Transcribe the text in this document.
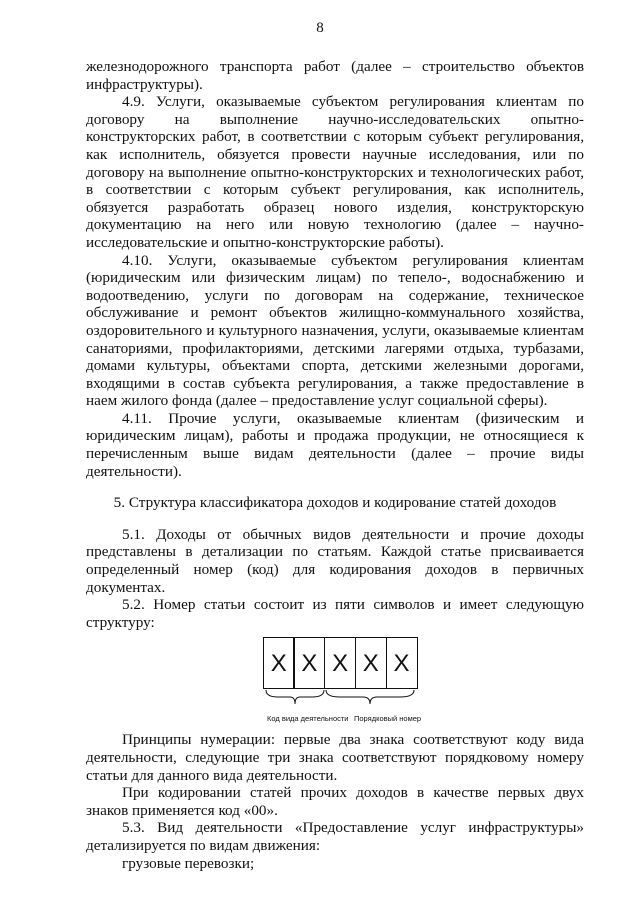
8

железнодорожного транспорта работ (далее – строительство объектов инфраструктуры).

4.9. Услуги, оказываемые субъектом регулирования клиентам по договору на выполнение научно-исследовательских опытно-конструкторских работ, в соответствии с которым субъект регулирования, как исполнитель, обязуется провести научные исследования, или по договору на выполнение опытно-конструкторских и технологических работ, в соответствии с которым субъект регулирования, как исполнитель, обязуется разработать образец нового изделия, конструкторскую документацию на него или новую технологию (далее – научно-исследовательские и опытно-конструкторские работы).

4.10. Услуги, оказываемые субъектом регулирования клиентам (юридическим или физическим лицам) по тепело-, водоснабжению и водоотведению, услуги по договорам на содержание, техническое обслуживание и ремонт объектов жилищно-коммунального хозяйства, оздоровительного и культурного назначения, услуги, оказываемые клиентам санаториями, профилакториями, детскими лагерями отдыха, турбазами, домами культуры, объектами спорта, детскими железными дорогами, входящими в состав субъекта регулирования, а также предоставление в наем жилого фонда (далее – предоставление услуг социальной сферы).

4.11. Прочие услуги, оказываемые клиентам (физическим и юридическим лицам), работы и продажа продукции, не относящиеся к перечисленным выше видам деятельности (далее – прочие виды деятельности).

5. Структура классификатора доходов и кодирование статей доходов

5.1. Доходы от обычных видов деятельности и прочие доходы представлены в детализации по статьям. Каждой статье присваивается определенный номер (код) для кодирования доходов в первичных документах.

5.2. Номер статьи состоит из пяти символов и имеет следующую структуру:

X X X X X
Код вида деятельности Порядковый номер

Принципы нумерации: первые два знака соответствуют коду вида деятельности, следующие три знака соответствуют порядковому номеру статьи для данного вида деятельности.

При кодировании статей прочих доходов в качестве первых двух знаков применяется код «00».

5.3. Вид деятельности «Предоставление услуг инфраструктуры» детализируется по видам движения:

грузовые перевозки;
